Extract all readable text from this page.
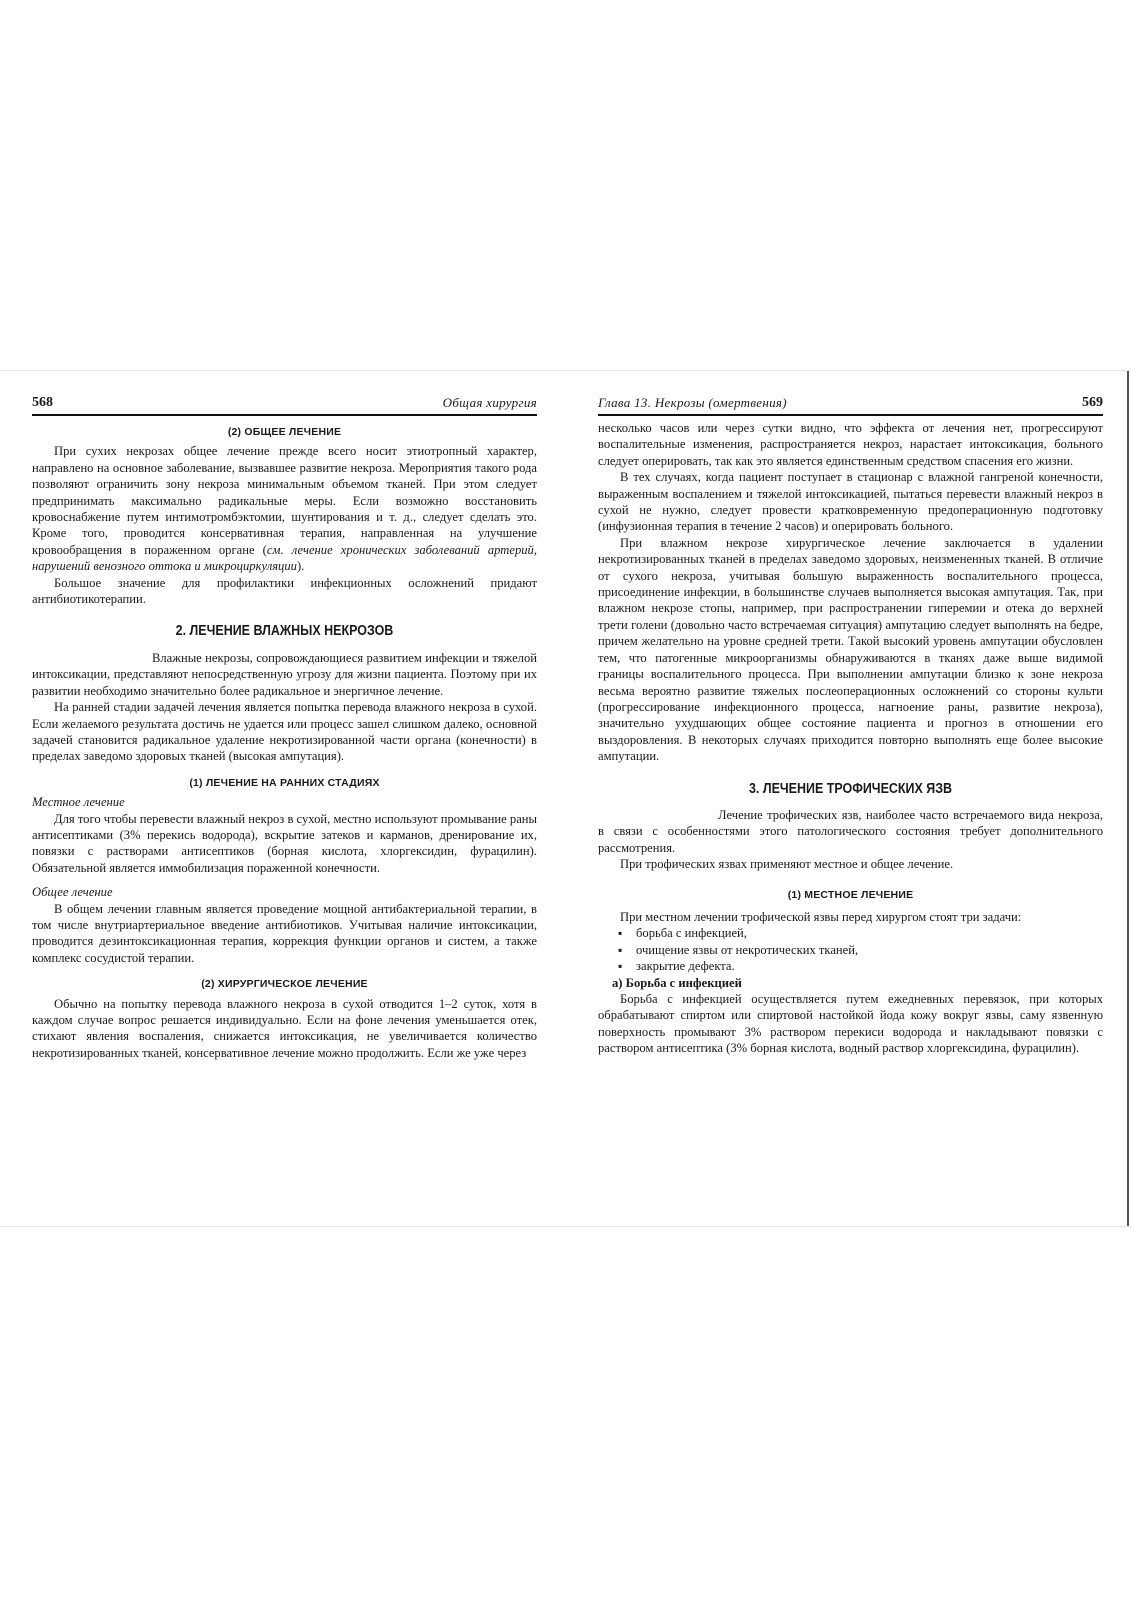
568	Общая хирургия
(2) ОБЩЕЕ ЛЕЧЕНИЕ

При сухих некрозах общее лечение прежде всего носит этиотропный характер, направлено на основное заболевание, вызвавшее развитие некроза. Мероприятия такого рода позволяют ограничить зону некроза минимальным объемом тканей. При этом следует предпринимать максимально радикальные меры. Если возможно восстановить кровоснабжение путем интимотромбэктомии, шунтирования и т. д., следует сделать это. Кроме того, проводится консервативная терапия, направленная на улучшение кровообращения в пораженном органе (см. лечение хронических заболеваний артерий, нарушений венозного оттока и микроциркуляции).

Большое значение для профилактики инфекционных осложнений придают антибиотикотерапии.

2. ЛЕЧЕНИЕ ВЛАЖНЫХ НЕКРОЗОВ

Влажные некрозы, сопровождающиеся развитием инфекции и тяжелой интоксикации, представляют непосредственную угрозу для жизни пациента. Поэтому при их развитии необходимо значительно более радикальное и энергичное лечение.

На ранней стадии задачей лечения является попытка перевода влажного некроза в сухой. Если желаемого результата достичь не удается или процесс зашел слишком далеко, основной задачей становится радикальное удаление некротизированной части органа (конечности) в пределах заведомо здоровых тканей (высокая ампутация).

(1) ЛЕЧЕНИЕ НА РАННИХ СТАДИЯХ

Местное лечение

Для того чтобы перевести влажный некроз в сухой, местно используют промывание раны антисептиками (3% перекись водорода), вскрытие затеков и карманов, дренирование их, повязки с растворами антисептиков (борная кислота, хлоргексидин, фурацилин). Обязательной является иммобилизация пораженной конечности.

Общее лечение

В общем лечении главным является проведение мощной антибактериальной терапии, в том числе внутриартериальное введение антибиотиков. Учитывая наличие интоксикации, проводится дезинтоксикационная терапия, коррекция функции органов и систем, а также комплекс сосудистой терапии.

(2) ХИРУРГИЧЕСКОЕ ЛЕЧЕНИЕ

Обычно на попытку перевода влажного некроза в сухой отводится 1–2 суток, хотя в каждом случае вопрос решается индивидуально. Если на фоне лечения уменьшается отек, стихают явления воспаления, снижается интоксикация, не увеличивается количество некротизированных тканей, консервативное лечение можно продолжить. Если же уже через

Глава 13. Некрозы (омертвения)	569

несколько часов или через сутки видно, что эффекта от лечения нет, прогрессируют воспалительные изменения, распространяется некроз, нарастает интоксикация, больного следует оперировать, так как это является единственным средством спасения его жизни.

В тех случаях, когда пациент поступает в стационар с влажной гангреной конечности, выраженным воспалением и тяжелой интоксикацией, пытаться перевести влажный некроз в сухой не нужно, следует провести кратковременную предоперационную подготовку (инфузионная терапия в течение 2 часов) и оперировать больного.

При влажном некрозе хирургическое лечение заключается в удалении некротизированных тканей в пределах заведомо здоровых, неизмененных тканей. В отличие от сухого некроза, учитывая большую выраженность воспалительного процесса, присоединение инфекции, в большинстве случаев выполняется высокая ампутация. Так, при влажном некрозе стопы, например, при распространении гиперемии и отека до верхней трети голени (довольно часто встречаемая ситуация) ампутацию следует выполнять на бедре, причем желательно на уровне средней трети. Такой высокий уровень ампутации обусловлен тем, что патогенные микроорганизмы обнаруживаются в тканях даже выше видимой границы воспалительного процесса. При выполнении ампутации близко к зоне некроза весьма вероятно развитие тяжелых послеоперационных осложнений со стороны культи (прогрессирование инфекционного процесса, нагноение раны, развитие некроза), значительно ухудшающих общее состояние пациента и прогноз в отношении его выздоровления. В некоторых случаях приходится повторно выполнять еще более высокие ампутации.

3. ЛЕЧЕНИЕ ТРОФИЧЕСКИХ ЯЗВ

Лечение трофических язв, наиболее часто встречаемого вида некроза, в связи с особенностями этого патологического состояния требует дополнительного рассмотрения.

При трофических язвах применяют местное и общее лечение.

(1) МЕСТНОЕ ЛЕЧЕНИЕ

При местном лечении трофической язвы перед хирургом стоят три задачи:

▪ борьба с инфекцией,
▪ очищение язвы от некротических тканей,
▪ закрытие дефекта.

а) Борьба с инфекцией

Борьба с инфекцией осуществляется путем ежедневных перевязок, при которых обрабатывают спиртом или спиртовой настойкой йода кожу вокруг язвы, саму язвенную поверхность промывают 3% раствором перекиси водорода и накладывают повязки с раствором антисептика (3% борная кислота, водный раствор хлоргексидина, фурацилин).
